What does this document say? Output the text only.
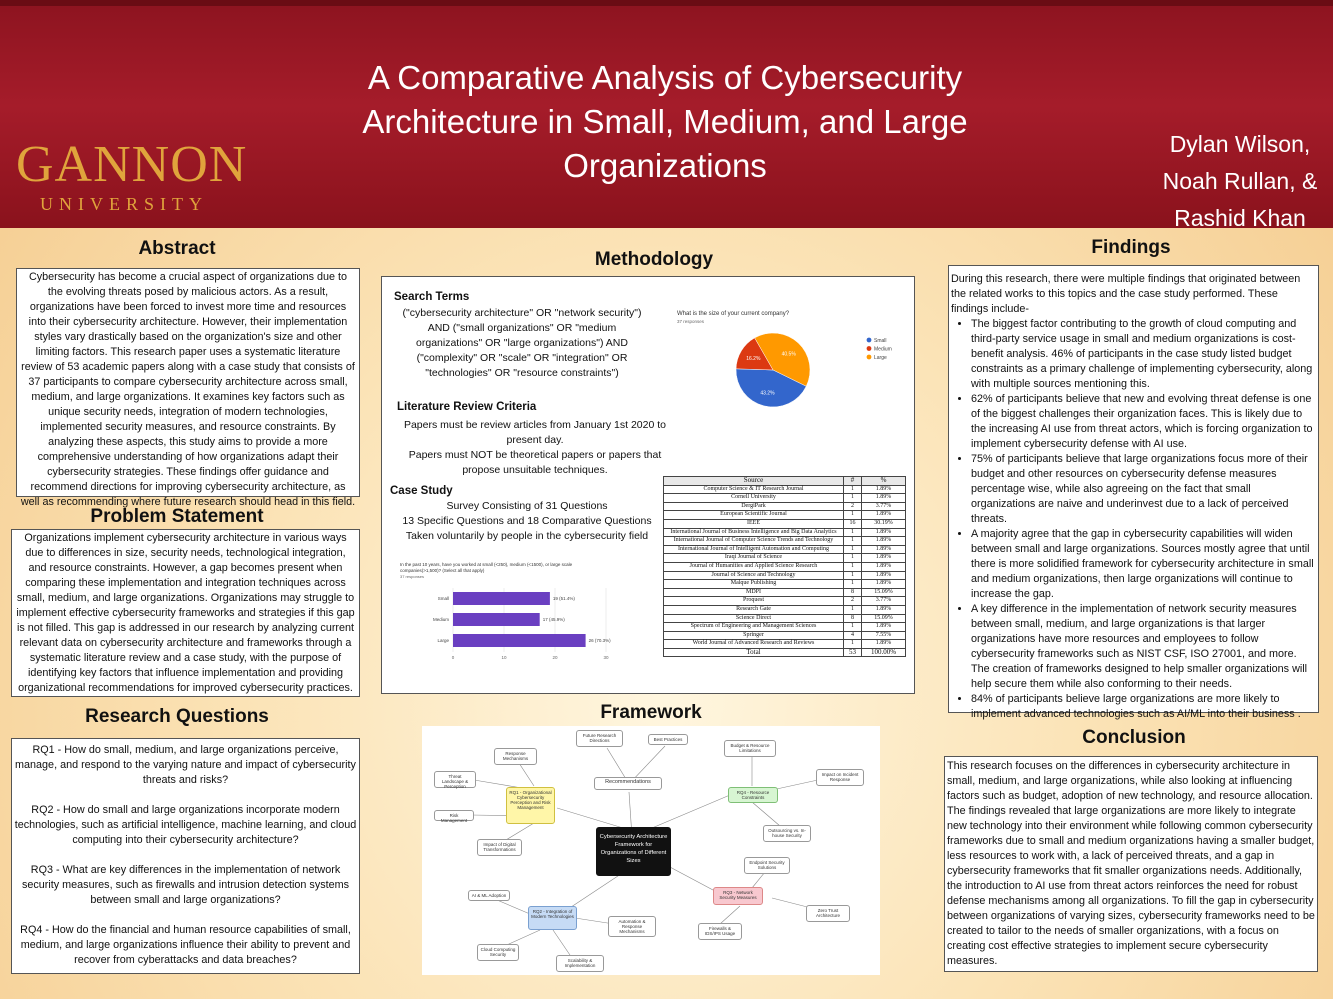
GANNON
UNIVERSITY
A Comparative Analysis of Cybersecurity Architecture in Small, Medium, and Large Organizations
Dylan Wilson,
Noah Rullan, &
Rashid Khan
Abstract
Cybersecurity has become a crucial aspect of organizations due to the evolving threats posed by malicious actors. As a result, organizations have been forced to invest more time and resources into their cybersecurity architecture. However, their implementation styles vary drastically based on the organization's size and other limiting factors. This research paper uses a systematic literature review of 53 academic papers along with a case study that consists of 37 participants to compare cybersecurity architecture across small, medium, and large organizations. It examines key factors such as unique security needs, integration of modern technologies, implemented security measures, and resource constraints. By analyzing these aspects, this study aims to provide a more comprehensive understanding of how organizations adapt their cybersecurity strategies. These findings offer guidance and recommend directions for improving cybersecurity architecture, as well as recommending where future research should head in this field.
Problem Statement
Organizations implement cybersecurity architecture in various ways due to differences in size, security needs, technological integration, and resource constraints. However, a gap becomes present when comparing these implementation and integration techniques across small, medium, and large organizations. Organizations may struggle to implement effective cybersecurity frameworks and strategies if this gap is not filled. This gap is addressed in our research by analyzing current relevant data on cybersecurity architecture and frameworks through a systematic literature review and a case study, with the purpose of identifying key factors that influence implementation and providing organizational recommendations for improved cybersecurity practices.
Research Questions

RQ1 - How do small, medium, and large organizations perceive, manage, and respond to the varying nature and impact of cybersecurity threats and risks?

RQ2 - How do small and large organizations incorporate modern technologies, such as artificial intelligence, machine learning, and cloud computing into their cybersecurity architecture?

RQ3 - What are key differences in the implementation of network security measures, such as firewalls and intrusion detection systems between small and large organizations?

RQ4 - How do the financial and human resource capabilities of small, medium, and large organizations influence their ability to prevent and recover from cyberattacks and data breaches?

Methodology
Search Terms
("cybersecurity architecture" OR "network security") AND ("small organizations" OR "medium organizations" OR "large organizations") AND ("complexity" OR "scale" OR "integration" OR "technologies" OR "resource constraints")
Literature Review Criteria
Papers must be review articles from January 1st 2020 to present day.
Papers must NOT be theoretical papers or papers that propose unsuitable techniques.
Case Study
Survey Consisting of 31 Questions
13 Specific Questions and 18 Comparative Questions
Taken voluntarily by people in the cybersecurity field
What is the size of your current company?
37 responses
40.5%
43.2%
16.2%
Small
Medium
Large
In the past 10 years, have you worked at small (<250), medium (<1500), or large scale
companies(>1,500)? (Select all that apply)
37 responses
0	10	20	30
Small	19 (51.4%)
Medium	17 (45.9%)
Large	26 (70.3%)
Source	#	%
Computer Science & IT Research Journal	1	1.89%
Cornell University	1	1.89%
DergiPark	2	3.77%
European Scientific Journal	1	1.89%
IEEE	16	30.19%
International Journal of Business Intelligence and Big Data Analytics	1	1.89%
International Journal of Computer Science Trends and Technology	1	1.89%
International Journal of Intelligent Automation and Computing	1	1.89%
Iraqi Journal of Science	1	1.89%
Journal of Humanities and Applied Science Research	1	1.89%
Journal of Science and Technology	1	1.89%
Malque Publishing	1	1.89%
MDPI	8	15.09%
Proquest	2	3.77%
Research Gate	1	1.89%
Science Direct	8	15.09%
Spectrum of Engineering and Management Sciences	1	1.89%
Springer	4	7.55%
World Journal of Advanced Research and Reviews	1	1.89%
Total	53	100.00%
Framework
Cybersecurity Architecture Framework for Organizations of Different Sizes
RQ1 - Organizational Cybersecurity Perception and Risk Management
RQ4 - Resource Constraints
RQ3 - Network Security Measures
RQ2 - Integration of Modern Technologies
Recommendations
Future Research Directions	Best Practices
Response Mechanisms
Threat Landscape & Perception
Risk Management
Impact of Digital Transformations
Budget & Resource Limitations
Impact on Incident Response
Outsourcing vs. In-house Security
Endpoint Security Solutions
Zero Trust Architecture
Firewalls & IDS/IPS Usage
AI & ML Adoption
Automation & Response Mechanisms
Cloud Computing Security
Scalability & Implementation
Findings

During this research, there were multiple findings that originated between the related works to this topics and the case study performed. These findings include-

• The biggest factor contributing to the growth of cloud computing and third-party service usage in small and medium organizations is cost-benefit analysis. 46% of participants in the case study listed budget constraints as a primary challenge of implementing cybersecurity, along with multiple sources mentioning this.
• 62% of participants believe that new and evolving threat defense is one of the biggest challenges their organization faces. This is likely due to the increasing AI use from threat actors, which is forcing organization to implement cybersecurity defense with AI use.
• 75% of participants believe that large organizations focus more of their budget and other resources on cybersecurity defense measures percentage wise, while also agreeing on the fact that small organizations are naive and underinvest due to a lack of perceived threats.
• A majority agree that the gap in cybersecurity capabilities will widen between small and large organizations. Sources mostly agree that until there is more solidified framework for cybersecurity architecture in small and medium organizations, then large organizations will continue to increase the gap.
• A key difference in the implementation of network security measures between small, medium, and large organizations is that larger organizations have more resources and employees to follow cybersecurity frameworks such as NIST CSF, ISO 27001, and more. The creation of frameworks designed to help smaller organizations will help secure them while also conforming to their needs.
• 84% of participants believe large organizations are more likely to implement advanced technologies such as AI/ML into their business .
Conclusion
This research focuses on the differences in cybersecurity architecture in small, medium, and large organizations, while also looking at influencing factors such as budget, adoption of new technology, and resource allocation. The findings revealed that large organizations are more likely to integrate new technology into their environment while following common cybersecurity frameworks due to small and medium organizations having a smaller budget, less resources to work with, a lack of perceived threats, and a gap in cybersecurity frameworks that fit smaller organizations needs. Additionally, the introduction to AI use from threat actors reinforces the need for robust defense mechanisms among all organizations. To fill the gap in cybersecurity between organizations of varying sizes, cybersecurity frameworks need to be created to tailor to the needs of smaller organizations, with a focus on creating cost effective strategies to implement secure cybersecurity measures.
